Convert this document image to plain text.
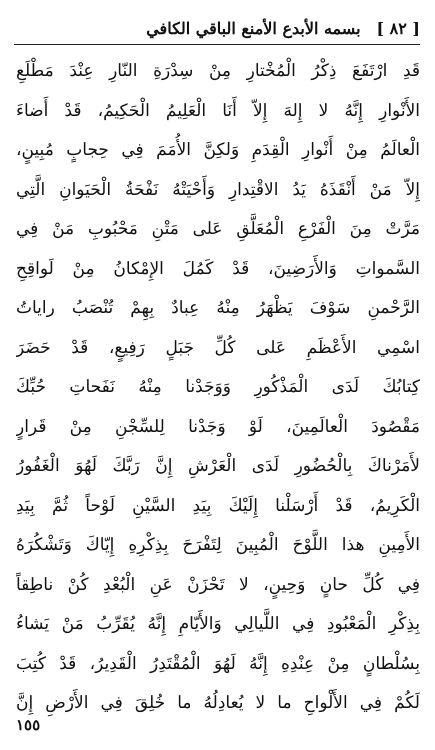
[ ٨٢ ]
بسمه الأبدع الأمنع الباقي الكافي
قَدِ ارْتَفَعَ ذِكْرُ الْمُخْتارِ مِنْ سِدْرَةِ النّارِ عِنْدَ مَطْلَعِ
الأَنْوارِ إِنَّهُ لا إِلهَ إِلاّ أَنَا الْعَلِيمُ الْحَكِيمُ، قَدْ أَضاءَ
الْعالَمُ مِنْ أَنْوارِ الْقِدَمِ وَلكِنَّ الأُمَمَ فِي حِجابٍ مُبِينٍ،
إِلاّ مَنْ أَنْقَذَهُ يَدُ الاقْتِدارِ وَأَحْيَتْهُ نَفْحَةُ الْحَيَوانِ الَّتِي
مَرَّتْ مِنَ الْفَرْعِ الْمُعَلَّقِ عَلى مَتْنِ مَحْبُوبِ مَنْ فِي
السَّمواتِ وَالأَرَضِينَ، قَدْ كَمُلَ الإِمْكانُ مِنْ لَواقِحِ
الرَّحْمنِ سَوْفَ يَظْهَرُ مِنْهُ عِبادٌ بِهِمْ تُنْصَبُ راياتُ
اسْمِي الأَعْظَمِ عَلى كُلِّ جَبَلٍ رَفِيعٍ، قَدْ حَضَرَ
كِتابُكَ لَدَى الْمَذْكُورِ وَوَجَدْنا مِنْهُ نَفَحاتِ حُبِّكَ
مَقْصُودَ الْعالَمِينَ، لَوْ وَجَدْنا لِلسِّجْنِ مِنْ قَرارٍ
لأَمَرْناكَ بِالْحُضُورِ لَدَى الْعَرْشِ إِنَّ رَبَّكَ لَهُوَ الْغَفُورُ
الْكَرِيمُ، قَدْ أَرْسَلْنا إِلَيْكَ بِيَدِ السَّيْنِ لَوْحاً ثُمَّ بِيَدِ
الأَمِينِ هذا اللَّوْحَ الْمُبِينَ لِتَفْرَحَ بِذِكْرِهِ إِيّاكَ وَتَشْكُرَهُ
فِي كُلِّ حانٍ وَحِينٍ، لا تَحْزَنْ عَنِ الْبُعْدِ كُنْ ناطِقاً
بِذِكْرِ الْمَعْبُودِ فِي اللَّيالِي وَالأَيّامِ إِنَّهُ يُقَرِّبُ مَنْ يَشاءُ
بِسُلْطانٍ مِنْ عِنْدِهِ إِنَّهُ لَهُوَ الْمُقْتَدِرُ الْقَدِيرُ، قَدْ كُتِبَ
لَكُمْ فِي الأَلْواحِ ما لا يُعادِلُهُ ما خُلِقَ فِي الأَرْضِ إِنَّ
١٥٥
